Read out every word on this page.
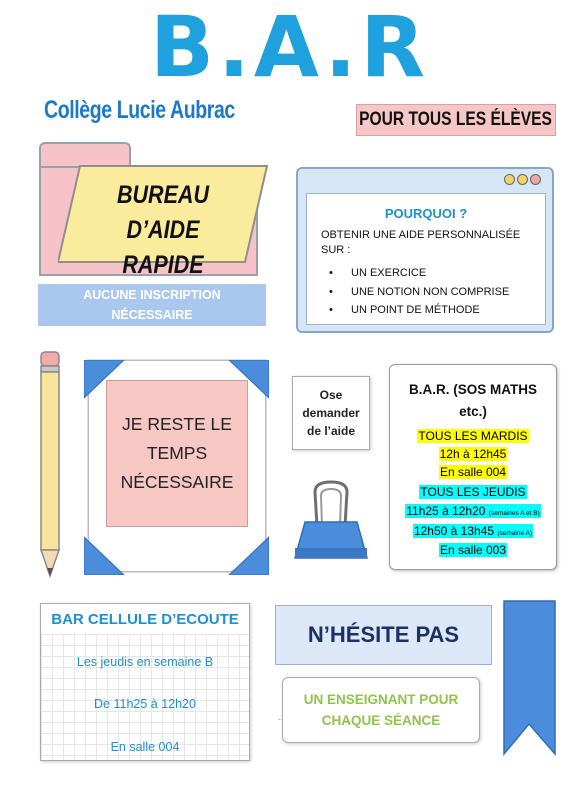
B.A.R
Collège Lucie Aubrac	POUR TOUS LES ÉLÈVES
BUREAU D’AIDE
RAPIDE
AUCUNE INSCRIPTION
NÉCESSAIRE
POURQUOI ?
OBTENIR UNE AIDE PERSONNALISÉE SUR :
• UN EXERCICE
• UNE NOTION NON COMPRISE
• UN POINT DE MÉTHODE
JE RESTE LE
TEMPS
NÉCESSAIRE
Ose
demander
de l’aide
B.A.R. (SOS MATHS
etc.)
TOUS LES MARDIS
12h à 12h45
En salle 004
TOUS LES JEUDIS
11h25 à 12h20 (semaines A et B)
12h50 à 13h45 (semaine A)
En salle 003
BAR CELLULE D’ECOUTE
Les jeudis en semaine B
De 11h25 à 12h20
En salle 004
N’HÉSITE PAS
UN ENSEIGNANT POUR
CHAQUE SÉANCE
